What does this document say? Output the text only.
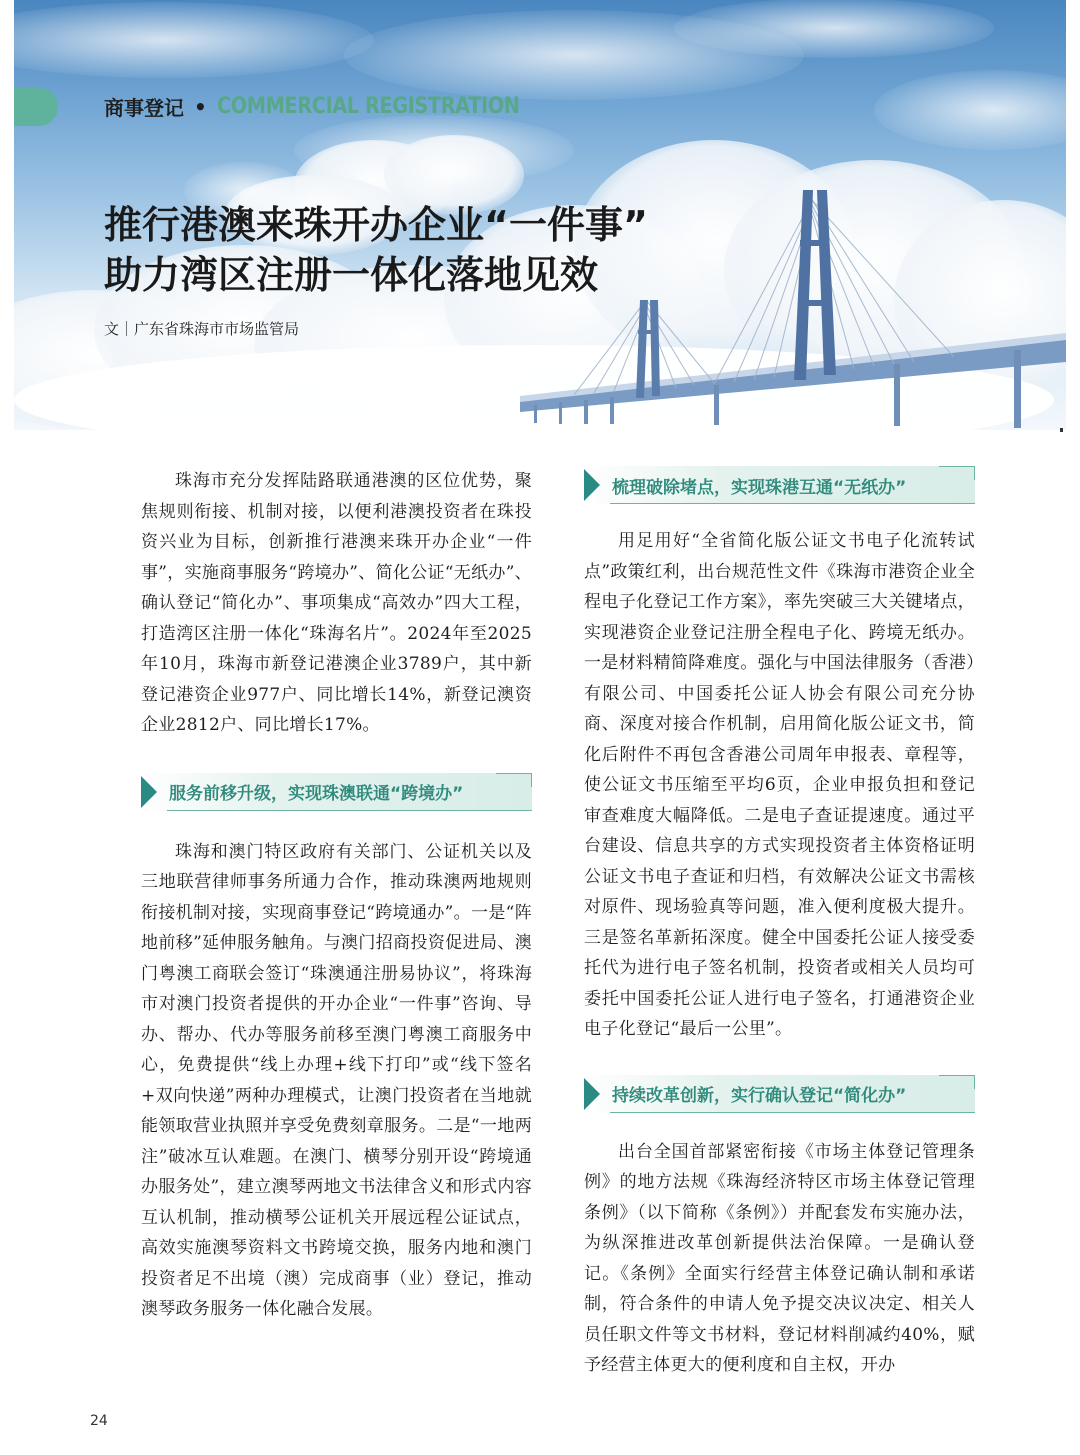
商事登记 • COMMERCIAL REGISTRATION
推行港澳来珠开办企业“一件事”
助力湾区注册一体化落地见效
文｜广东省珠海市市场监管局

珠海市充分发挥陆路联通港澳的区位优势，聚焦规则衔接、机制对接，以便利港澳投资者在珠投资兴业为目标，创新推行港澳来珠开办企业“一件事”，实施商事服务“跨境办”、简化公证“无纸办”、确认登记“简化办”、事项集成“高效办”四大工程，打造湾区注册一体化“珠海名片”。2024年至2025年10月，珠海市新登记港澳企业3789户，其中新登记港资企业977户、同比增长14%，新登记澳资企业2812户、同比增长17%。

服务前移升级，实现珠澳联通“跨境办”

珠海和澳门特区政府有关部门、公证机关以及三地联营律师事务所通力合作，推动珠澳两地规则衔接机制对接，实现商事登记“跨境通办”。一是“阵地前移”延伸服务触角。与澳门招商投资促进局、澳门粤澳工商联会签订“珠澳通注册易协议”，将珠海市对澳门投资者提供的开办企业“一件事”咨询、导办、帮办、代办等服务前移至澳门粤澳工商服务中心，免费提供“线上办理+线下打印”或“线下签名+双向快递”两种办理模式，让澳门投资者在当地就能领取营业执照并享受免费刻章服务。二是“一地两注”破冰互认难题。在澳门、横琴分别开设“跨境通办服务处”，建立澳琴两地文书法律含义和形式内容互认机制，推动横琴公证机关开展远程公证试点，高效实施澳琴资料文书跨境交换，服务内地和澳门投资者足不出境（澳）完成商事（业）登记，推动澳琴政务服务一体化融合发展。

梳理破除堵点，实现珠港互通“无纸办”

用足用好“全省简化版公证文书电子化流转试点”政策红利，出台规范性文件《珠海市港资企业全程电子化登记工作方案》，率先突破三大关键堵点，实现港资企业登记注册全程电子化、跨境无纸办。一是材料精简降难度。强化与中国法律服务（香港）有限公司、中国委托公证人协会有限公司充分协商、深度对接合作机制，启用简化版公证文书，简化后附件不再包含香港公司周年申报表、章程等，使公证文书压缩至平均6页，企业申报负担和登记审查难度大幅降低。二是电子查证提速度。通过平台建设、信息共享的方式实现投资者主体资格证明公证文书电子查证和归档，有效解决公证文书需核对原件、现场验真等问题，准入便利度极大提升。三是签名革新拓深度。健全中国委托公证人接受委托代为进行电子签名机制，投资者或相关人员均可委托中国委托公证人进行电子签名，打通港资企业电子化登记“最后一公里”。

持续改革创新，实行确认登记“简化办”

出台全国首部紧密衔接《市场主体登记管理条例》的地方法规《珠海经济特区市场主体登记管理条例》（以下简称《条例》）并配套发布实施办法，为纵深推进改革创新提供法治保障。一是确认登记。《条例》全面实行经营主体登记确认制和承诺制，符合条件的申请人免予提交决议决定、相关人员任职文件等文书材料，登记材料削减约40%，赋予经营主体更大的便利度和自主权，开办

24
